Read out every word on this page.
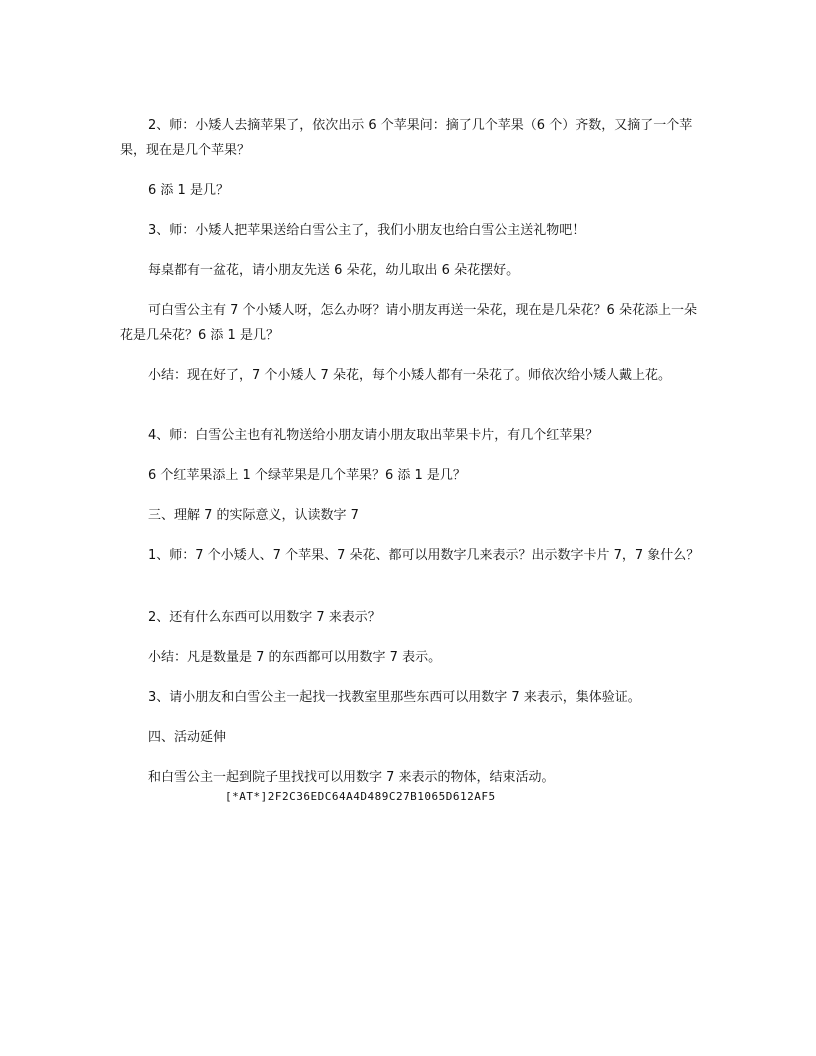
2、师：小矮人去摘苹果了，依次出示 6 个苹果问：摘了几个苹果（6 个）齐数，又摘了一个苹果，现在是几个苹果？

6 添 1 是几？

3、师：小矮人把苹果送给白雪公主了，我们小朋友也给白雪公主送礼物吧！

每桌都有一盆花，请小朋友先送 6 朵花，幼儿取出 6 朵花摆好。

可白雪公主有 7 个小矮人呀，怎么办呀？请小朋友再送一朵花，现在是几朵花？6 朵花添上一朵花是几朵花？6 添 1 是几？

小结：现在好了，7 个小矮人 7 朵花，每个小矮人都有一朵花了。师依次给小矮人戴上花。

4、师：白雪公主也有礼物送给小朋友请小朋友取出苹果卡片，有几个红苹果？

6 个红苹果添上 1 个绿苹果是几个苹果？6 添 1 是几？

三、理解 7 的实际意义，认读数字 7

1、师：7 个小矮人、7 个苹果、7 朵花、都可以用数字几来表示？出示数字卡片 7，7 象什么？

2、还有什么东西可以用数字 7 来表示？

小结：凡是数量是 7 的东西都可以用数字 7 表示。

3、请小朋友和白雪公主一起找一找教室里那些东西可以用数字 7 来表示，集体验证。

四、活动延伸

和白雪公主一起到院子里找找可以用数字 7 来表示的物体，结束活动。

[*AT*]2F2C36EDC64A4D489C27B1065D612AF5
